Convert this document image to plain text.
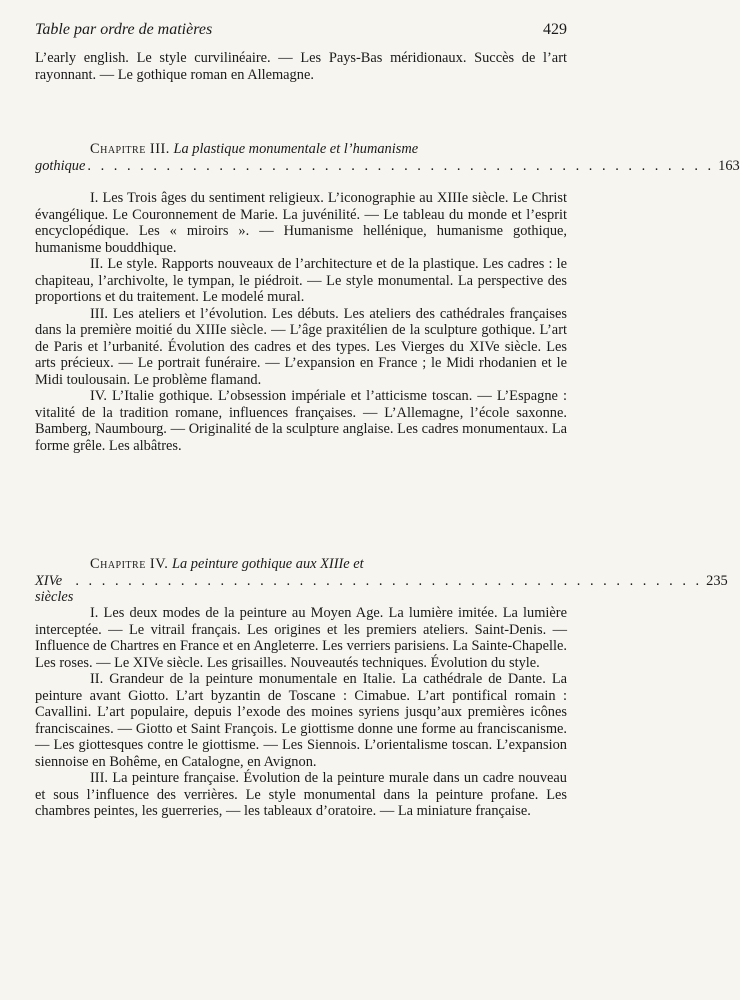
Table par ordre de matières	429

L’early english. Le style curvilinéaire. — Les Pays-Bas méridionaux. Succès de l’art rayonnant. — Le gothique roman en Allemagne.

Chapitre III. La plastique monumentale et l’humanisme

gothique . . . . . . . . . . . . . . . . . . . . . . . . . . . . . . . . . . . . . . . . . . . . . . . . 163

I. Les Trois âges du sentiment religieux. L’iconographie au XIIIe siècle. Le Christ évangélique. Le Couronnement de Marie. La juvénilité. — Le tableau du monde et l’esprit encyclopédique. Les « miroirs ». — Humanisme hellénique, humanisme gothique, humanisme bouddhique.

II. Le style. Rapports nouveaux de l’architecture et de la plastique. Les cadres : le chapiteau, l’archivolte, le tympan, le piédroit. — Le style monumental. La perspective des proportions et du traitement. Le modelé mural.

III. Les ateliers et l’évolution. Les débuts. Les ateliers des cathédrales françaises dans la première moitié du XIIIe siècle. — L’âge praxitélien de la sculpture gothique. L’art de Paris et l’urbanité. Évolution des cadres et des types. Les Vierges du XIVe siècle. Les arts précieux. — Le portrait funéraire. — L’expansion en France ; le Midi rhodanien et le Midi toulousain. Le problème flamand.

IV. L’Italie gothique. L’obsession impériale et l’atticisme toscan. — L’Espagne : vitalité de la tradition romane, influences françaises. — L’Allemagne, l’école saxonne. Bamberg, Naumbourg. — Originalité de la sculpture anglaise. Les cadres monumentaux. La forme grêle. Les albâtres.

Chapitre IV. La peinture gothique aux XIIIe et

XIVe siècles
. . . . . . . . . . . . . . . . . . . . . . . . . . . . . . . . . . . . . . . . . . . . . . . . 235

I. Les deux modes de la peinture au Moyen Age. La lumière imitée. La lumière interceptée. — Le vitrail français. Les origines et les premiers ateliers. Saint-Denis. — Influence de Chartres en France et en Angleterre. Les verriers parisiens. La Sainte-Chapelle. Les roses. — Le XIVe siècle. Les grisailles. Nouveautés techniques. Évolution du style.

II. Grandeur de la peinture monumentale en Italie. La cathédrale de Dante. La peinture avant Giotto. L’art byzantin de Toscane : Cimabue. L’art pontifical romain : Cavallini. L’art populaire, depuis l’exode des moines syriens jusqu’aux premières icônes franciscaines. — Giotto et Saint François. Le giottisme donne une forme au franciscanisme. — Les giottesques contre le giottisme. — Les Siennois. L’orientalisme toscan. L’expansion siennoise en Bohême, en Catalogne, en Avignon.

III. La peinture française. Évolution de la peinture murale dans un cadre nouveau et sous l’influence des verrières. Le style monumental dans la peinture profane. Les chambres peintes, les guerreries, — les tableaux d’oratoire. — La miniature française.
